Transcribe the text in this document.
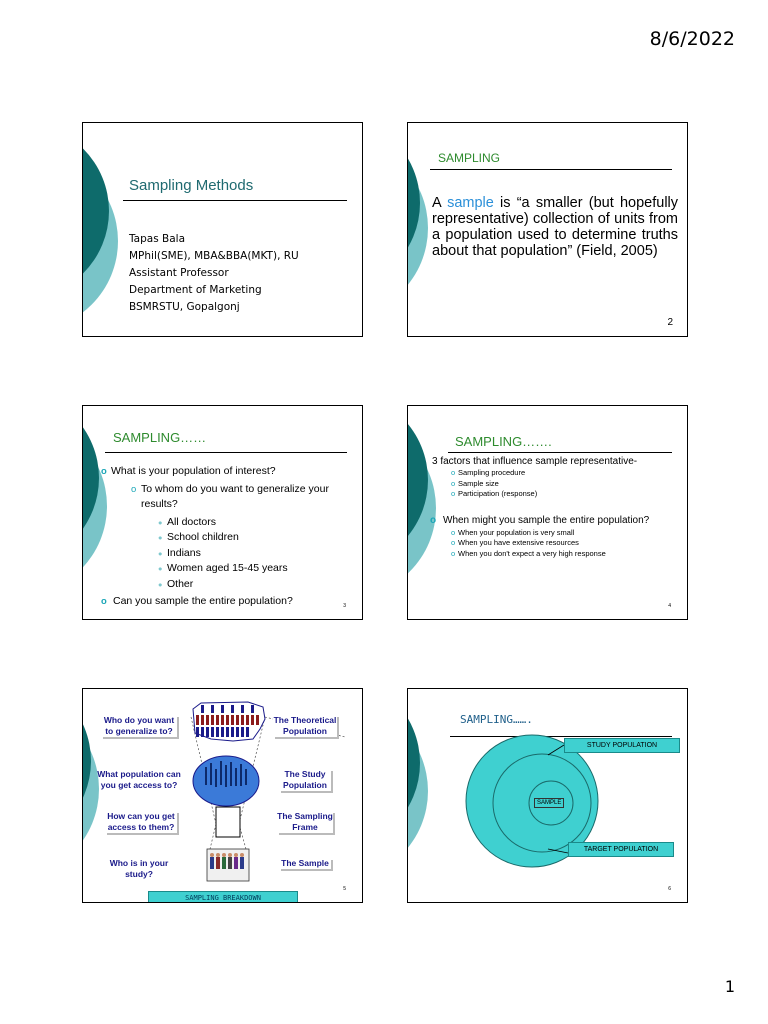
8/6/2022
Sampling Methods
Tapas Bala
MPhil(SME), MBA&BBA(MKT), RU
Assistant Professor
Department of Marketing
BSMRSTU, Gopalgonj
SAMPLING
A sample is “a smaller (but hopefully representative) collection of units from a population used to determine truths about that population” (Field, 2005)
2
SAMPLING……
o What is your population of interest?
o To whom do you want to generalize your results?
● All doctors
● School children
● Indians
● Women aged 15-45 years
● Other
o Can you sample the entire population?	3
SAMPLING…….
3 factors that influence sample representative-
o Sampling procedure
o Sample size
o Participation (response)
o When might you sample the entire population?
o When your population is very small
o When you have extensive resources
o When you don't expect a very high response
4
Who do you want to generalize to?
What population can you get access to?
How can you get access to them?
Who is in your study?
The Theoretical Population
The Study Population
The Sampling Frame
The Sample
SAMPLING BREAKDOWN
5
SAMPLING…….
STUDY POPULATION
SAMPLE
TARGET POPULATION
6
1
